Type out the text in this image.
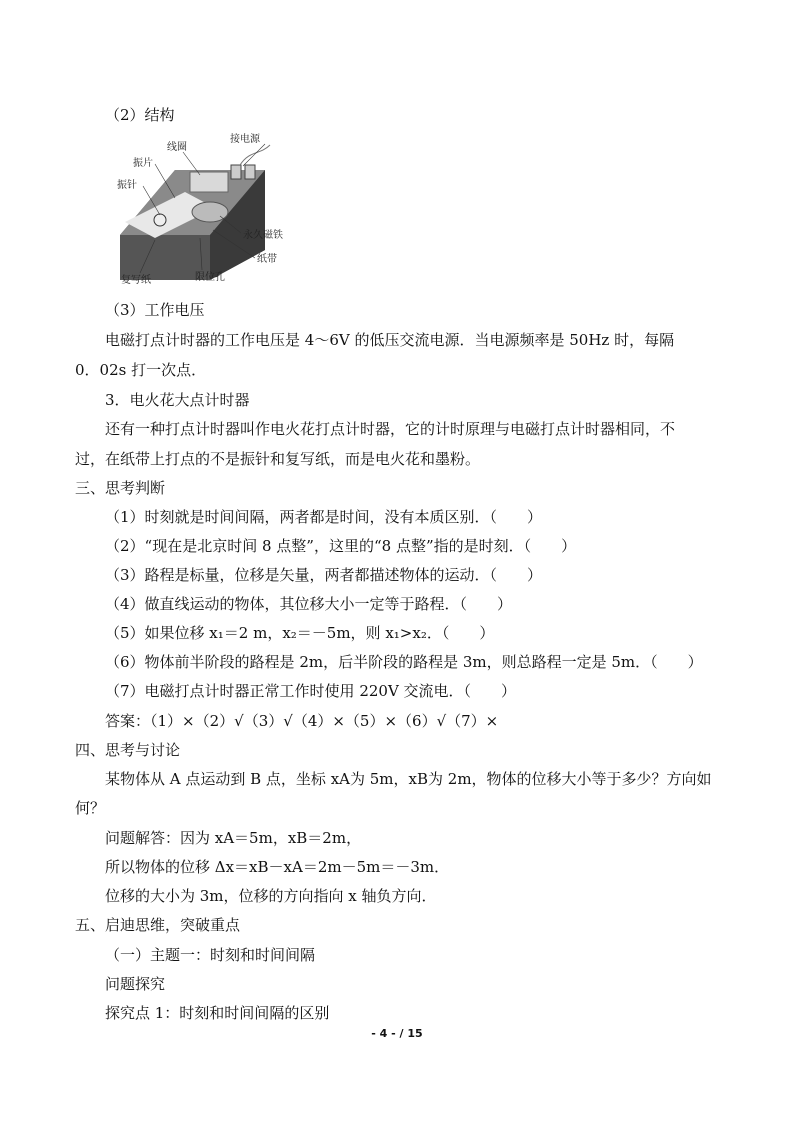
（2）结构
接电源
线圈
振片
振针
永久磁铁
纸带
复写纸	限位孔
（3）工作电压
电磁打点计时器的工作电压是 4～6V 的低压交流电源．当电源频率是 50Hz 时，每隔
0．02s 打一次点．
3．电火花大点计时器
还有一种打点计时器叫作电火花打点计时器，它的计时原理与电磁打点计时器相同，不
过，在纸带上打点的不是振针和复写纸，而是电火花和墨粉。
三、思考判断
（1）时刻就是时间间隔，两者都是时间，没有本质区别．（　　）
（2）“现在是北京时间 8 点整”，这里的“8 点整”指的是时刻．（　　）
（3）路程是标量，位移是矢量，两者都描述物体的运动．（　　）
（4）做直线运动的物体，其位移大小一定等于路程．（　　）
（5）如果位移 x₁＝2 m，x₂＝－5m，则 x₁>x₂．（　　）
（6）物体前半阶段的路程是 2m，后半阶段的路程是 3m，则总路程一定是 5m．（　　）
（7）电磁打点计时器正常工作时使用 220V 交流电．（　　）
答案：（1）×（2）√（3）√（4）×（5）×（6）√（7）×
四、思考与讨论
某物体从 A 点运动到 B 点，坐标 xA为 5m，xB为 2m，物体的位移大小等于多少？方向如
何？
问题解答：因为 xA＝5m，xB＝2m，
所以物体的位移 Δx＝xB－xA＝2m－5m＝－3m．
位移的大小为 3m，位移的方向指向 x 轴负方向．
五、启迪思维，突破重点
（一）主题一：时刻和时间间隔
问题探究
探究点 1：时刻和时间间隔的区别
- 4 - / 15
